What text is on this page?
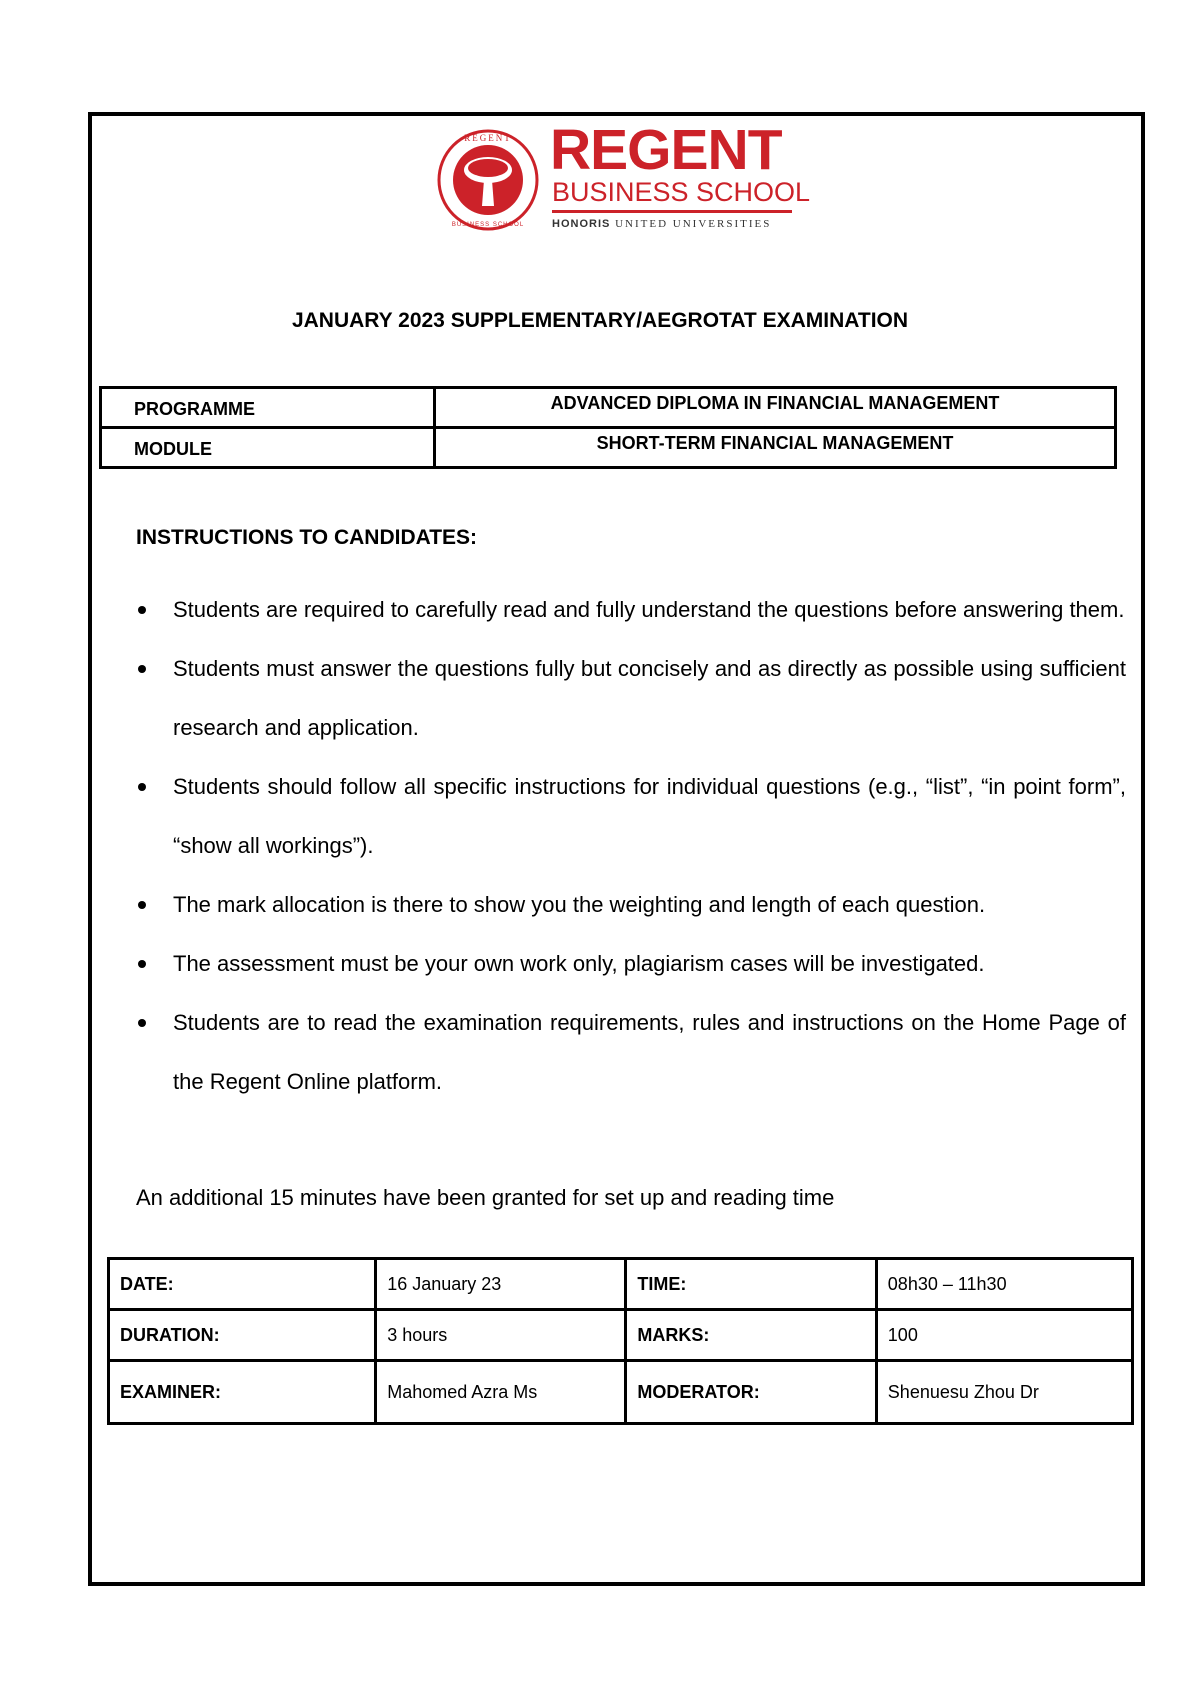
REGENT
BUSINESS SCHOOL
REGENT
BUSINESS SCHOOL
HONORIS UNITED UNIVERSITIES
JANUARY 2023 SUPPLEMENTARY/AEGROTAT EXAMINATION
PROGRAMME	ADVANCED DIPLOMA IN FINANCIAL MANAGEMENT
MODULE	SHORT-TERM FINANCIAL MANAGEMENT
INSTRUCTIONS TO CANDIDATES:
Students are required to carefully read and fully understand the questions before answering them.
Students must answer the questions fully but concisely and as directly as possible using sufficient research and application.
Students should follow all specific instructions for individual questions (e.g., “list”, “in point form”, “show all workings”).
The mark allocation is there to show you the weighting and length of each question.
The assessment must be your own work only, plagiarism cases will be investigated.
Students are to read the examination requirements, rules and instructions on the Home Page of the Regent Online platform.
An additional 15 minutes have been granted for set up and reading time
DATE:	16 January 23	TIME:	08h30 – 11h30
DURATION:	3 hours	MARKS:	100
EXAMINER:	Mahomed Azra Ms	MODERATOR:	Shenuesu Zhou Dr
